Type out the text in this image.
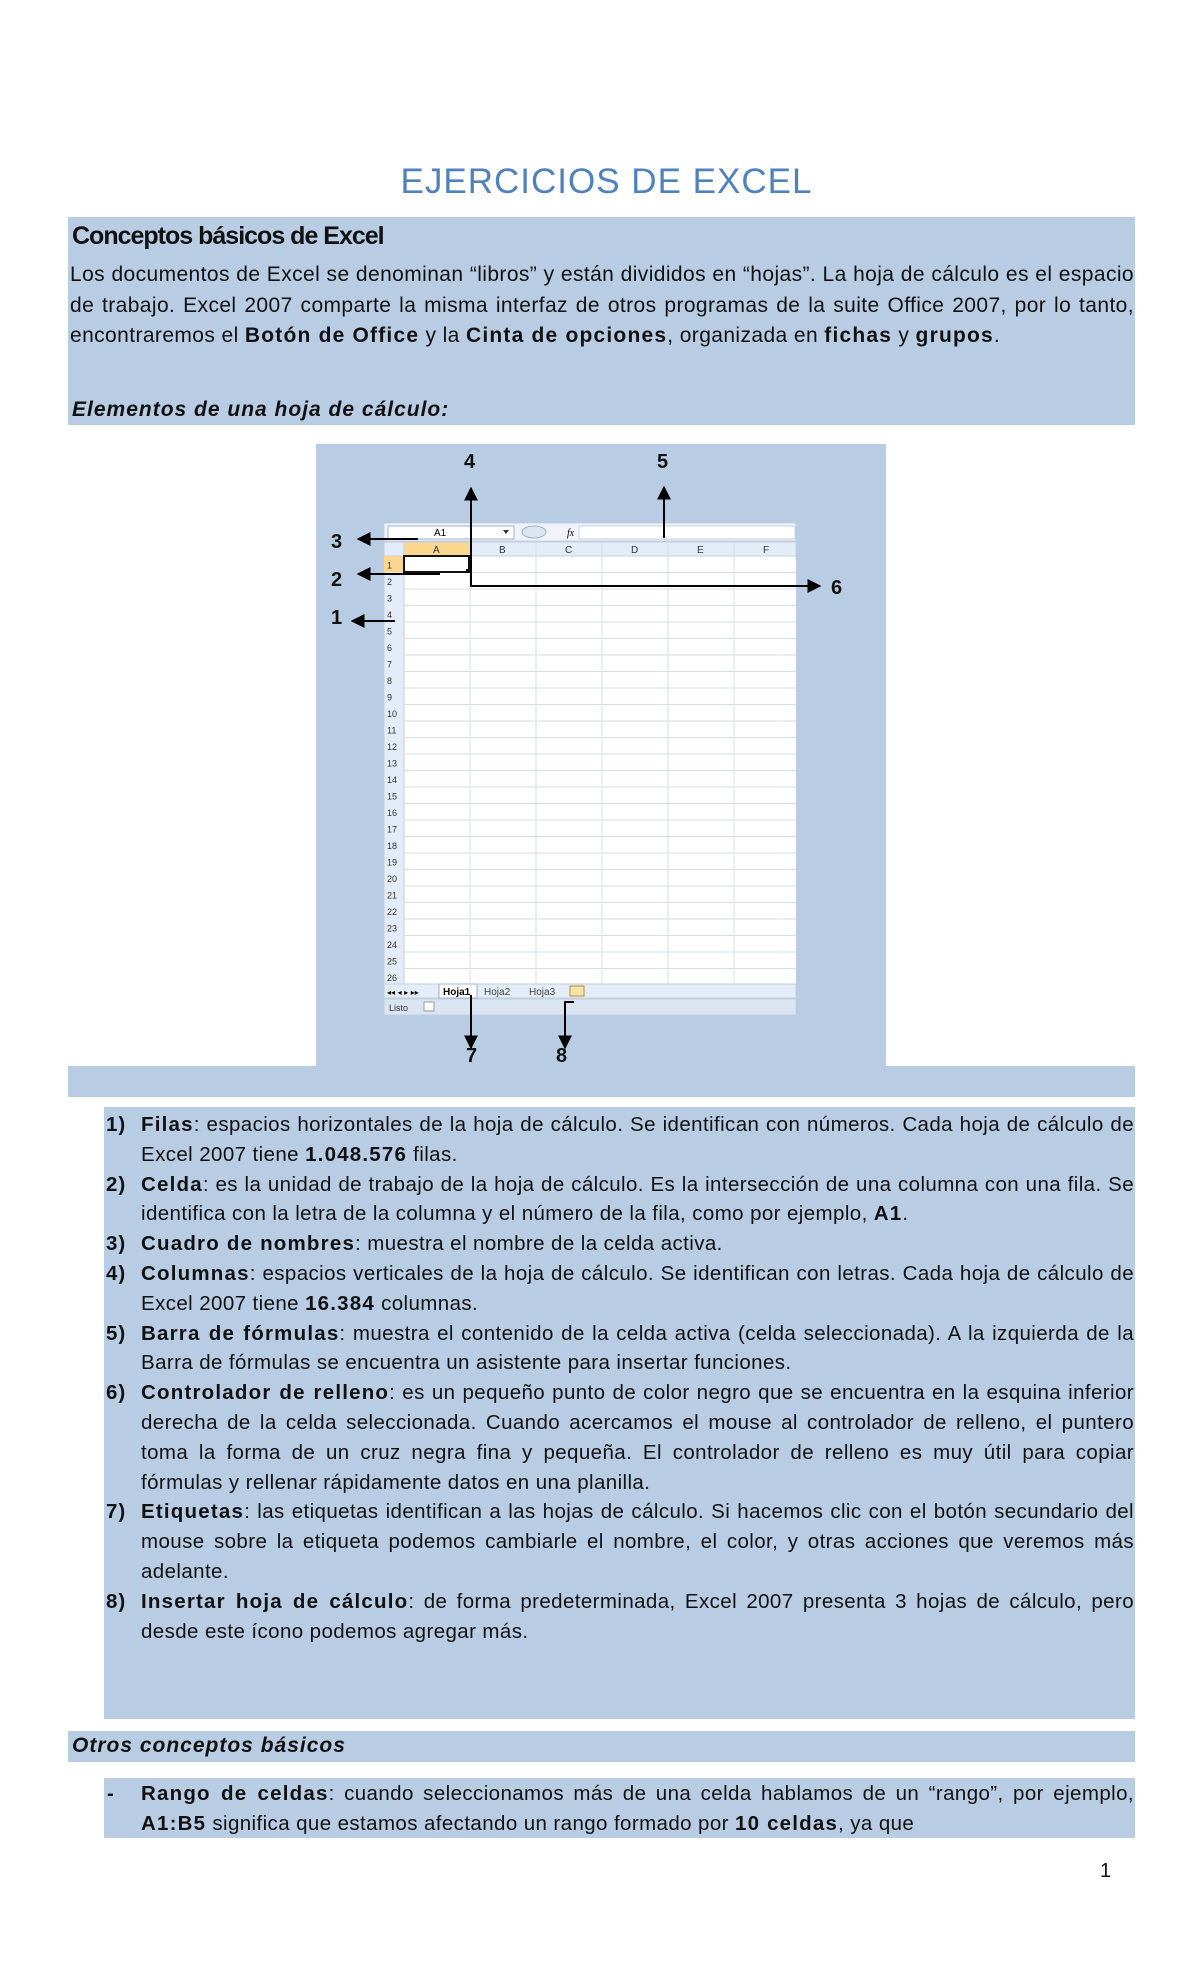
EJERCICIOS DE EXCEL
Conceptos básicos de Excel
Los documentos de Excel se denominan “libros” y están divididos en “hojas”. La hoja de cálculo es el espacio de trabajo. Excel 2007 comparte la misma interfaz de otros programas de la suite Office 2007, por lo tanto, encontraremos el Botón de Office y la Cinta de opciones, organizada en fichas y grupos.
Elementos de una hoja de cálculo:
A1	fx
A	B	C	D	E	F
1
2
3
4
5
6
7
8
9
10
11
12
13
14
15
16
17
18
19
20
21
22
23
24
25
26
◂◂ ◂ ▸ ▸▸ Hoja1 Hoja2 Hoja3
Listo
3
2
1
4	5
6
7	8
1) Filas: espacios horizontales de la hoja de cálculo. Se identifican con números. Cada hoja de cálculo de Excel 2007 tiene 1.048.576 filas.
2) Celda: es la unidad de trabajo de la hoja de cálculo. Es la intersección de una columna con una fila. Se identifica con la letra de la columna y el número de la fila, como por ejemplo, A1.
3) Cuadro de nombres: muestra el nombre de la celda activa.
4) Columnas: espacios verticales de la hoja de cálculo. Se identifican con letras. Cada hoja de cálculo de Excel 2007 tiene 16.384 columnas.
5) Barra de fórmulas: muestra el contenido de la celda activa (celda seleccionada). A la izquierda de la Barra de fórmulas se encuentra un asistente para insertar funciones.
6) Controlador de relleno: es un pequeño punto de color negro que se encuentra en la esquina inferior derecha de la celda seleccionada. Cuando acercamos el mouse al controlador de relleno, el puntero toma la forma de un cruz negra fina y pequeña. El controlador de relleno es muy útil para copiar fórmulas y rellenar rápidamente datos en una planilla.
7) Etiquetas: las etiquetas identifican a las hojas de cálculo. Si hacemos clic con el botón secundario del mouse sobre la etiqueta podemos cambiarle el nombre, el color, y otras acciones que veremos más adelante.
8) Insertar hoja de cálculo: de forma predeterminada, Excel 2007 presenta 3 hojas de cálculo, pero desde este ícono podemos agregar más.
Otros conceptos básicos
- Rango de celdas: cuando seleccionamos más de una celda hablamos de un “rango”, por ejemplo, A1:B5 significa que estamos afectando un rango formado por 10 celdas, ya que
1
